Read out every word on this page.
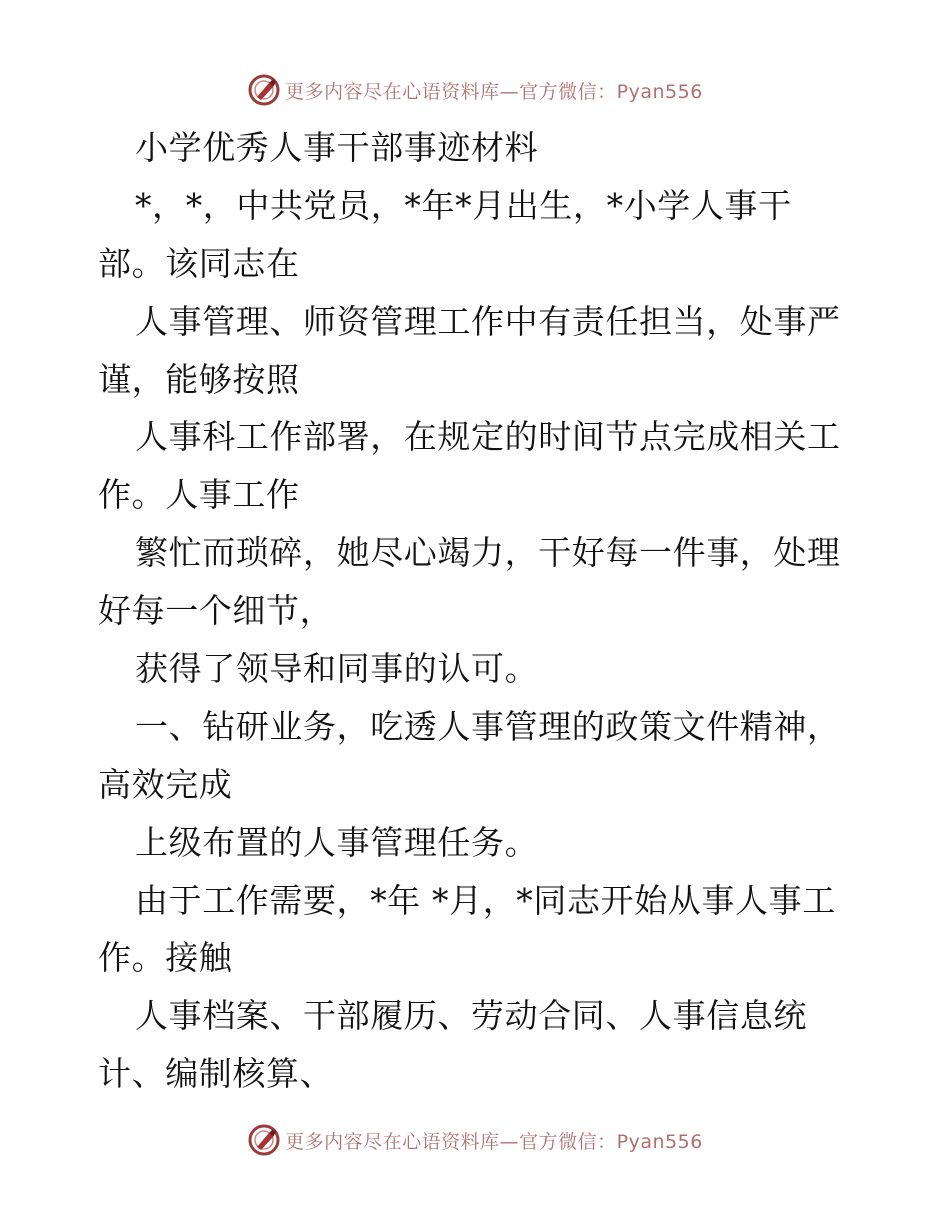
更多内容尽在心语资料库—官方微信：Pyan556
小学优秀人事干部事迹材料
*，*，中共党员，*年*月出生，*小学人事干
部。该同志在
人事管理、师资管理工作中有责任担当，处事严
谨，能够按照
人事科工作部署，在规定的时间节点完成相关工
作。人事工作
繁忙而琐碎，她尽心竭力，干好每一件事，处理
好每一个细节，
获得了领导和同事的认可。
一、钻研业务，吃透人事管理的政策文件精神，
高效完成
上级布置的人事管理任务。
由于工作需要，*年 *月，*同志开始从事人事工
作。接触
人事档案、干部履历、劳动合同、人事信息统
计、编制核算、
更多内容尽在心语资料库—官方微信：Pyan556
